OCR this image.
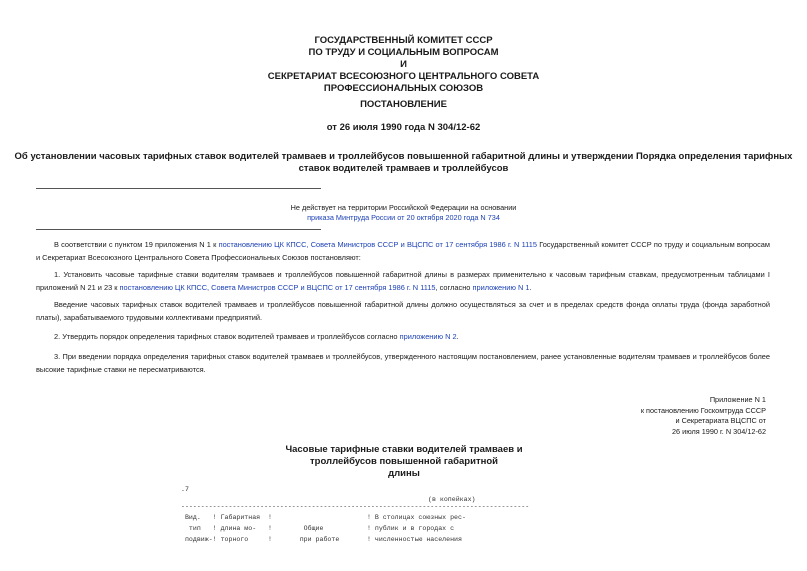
ГОСУДАРСТВЕННЫЙ КОМИТЕТ СССР
ПО ТРУДУ И СОЦИАЛЬНЫМ ВОПРОСАМ
И
СЕКРЕТАРИАТ ВСЕСОЮЗНОГО ЦЕНТРАЛЬНОГО СОВЕТА
ПРОФЕССИОНАЛЬНЫХ СОЮЗОВ
ПОСТАНОВЛЕНИЕ
от 26 июля 1990 года N 304/12-62
Об установлении часовых тарифных ставок водителей трамваев и троллейбусов повышенной габаритной длины и утверждении Порядка определения тарифных
ставок водителей трамваев и троллейбусов
Не действует на территории Российской Федерации на основании
приказа Минтруда России от 20 октября 2020 года N 734
В соответствии с пунктом 19 приложения N 1 к постановлению ЦК КПСС, Совета Министров СССР и ВЦСПС от 17 сентября 1986 г. N 1115 Государственный комитет СССР по труду и социальным вопросам и Секретариат Всесоюзного Центрального Совета Профессиональных Союзов постановляют:
1. Установить часовые тарифные ставки водителям трамваев и троллейбусов повышенной габаритной длины в размерах применительно к часовым тарифным ставкам, предусмотренным таблицами I приложений N 21 и 23 к постановлению ЦК КПСС, Совета Министров СССР и ВЦСПС от 17 сентября 1986 г. N 1115, согласно приложению N 1.
Введение часовых тарифных ставок водителей трамваев и троллейбусов повышенной габаритной длины должно осуществляться за счет и в пределах средств фонда оплаты труда (фонда заработной платы), зарабатываемого трудовыми коллективами предприятий.
2. Утвердить порядок определения тарифных ставок водителей трамваев и троллейбусов согласно приложению N 2.
3. При введении порядка определения тарифных ставок водителей трамваев и троллейбусов, утвержденного настоящим постановлением, ранее установленные водителям трамваев и троллейбусов более высокие тарифные ставки не пересматриваются.
Приложение N 1
к постановлению Госкомтруда СССР
и Секретариата ВЦСПС от
26 июля 1990 г. N 304/12-62
Часовые тарифные ставки водителей трамваев и
троллейбусов повышенной габаритной
длины
.7
(в копейках)
----------------------------------------------------------------------------------------
Вид.   ! Габаритная  !                        ! В столицах союзных рес-
тип   ! длина мо-   !        Общие           ! публик и в городах с
подвиж-! торного     !       при работе       ! численностью населения
